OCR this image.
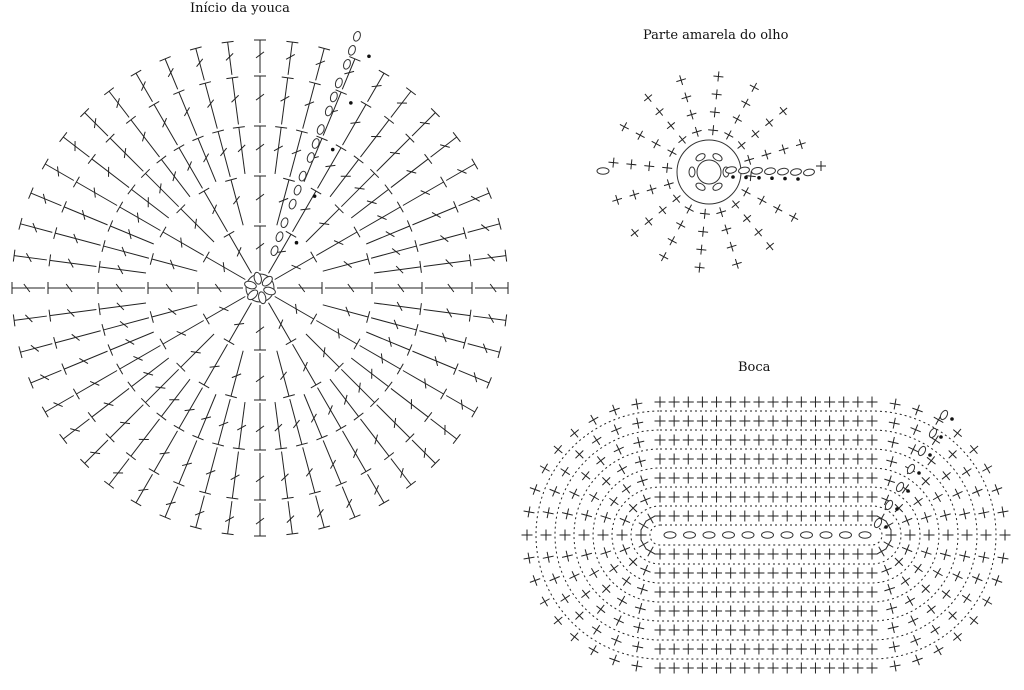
Início da youca
Parte amarela do olho
Boca
